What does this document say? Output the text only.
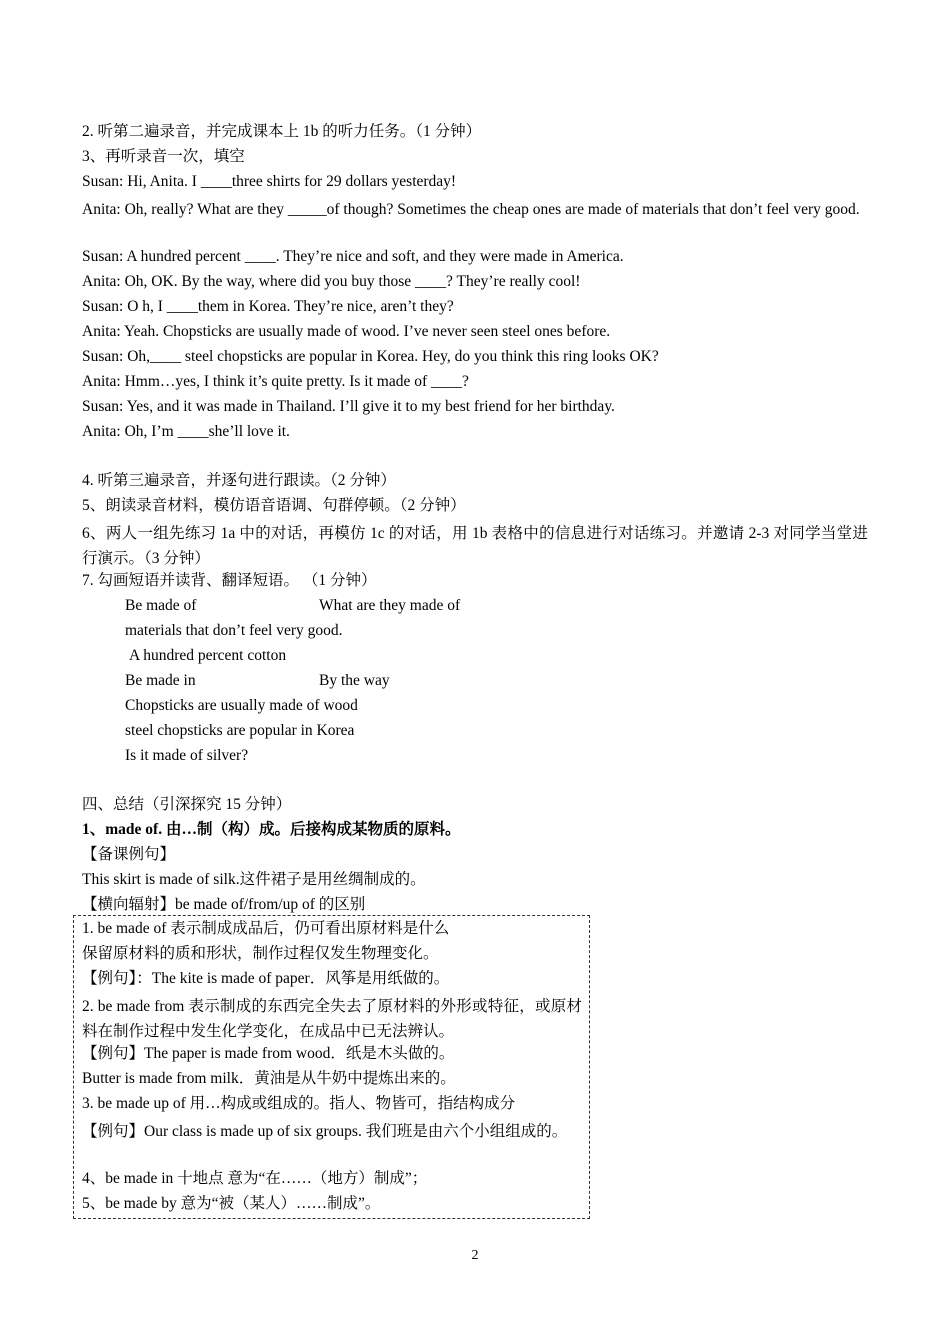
2. 听第二遍录音，并完成课本上 1b 的听力任务。（1 分钟）
3、再听录音一次，填空
Susan: Hi, Anita. I ____three shirts for 29 dollars yesterday!
Anita: Oh, really? What are they _____of though? Sometimes the cheap ones are made of materials that don’t feel very good.
Susan: A hundred percent ____. They’re nice and soft, and they were made in America.
Anita: Oh, OK. By the way, where did you buy those ____? They’re really cool!
Susan: O h, I ____them in Korea. They’re nice, aren’t they?
Anita: Yeah. Chopsticks are usually made of wood. I’ve never seen steel ones before.
Susan: Oh,____ steel chopsticks are popular in Korea. Hey, do you think this ring looks OK?
Anita: Hmm…yes, I think it’s quite pretty. Is it made of ____?
Susan: Yes, and it was made in Thailand. I’ll give it to my best friend for her birthday.
Anita: Oh, I’m ____she’ll love it.
4. 听第三遍录音，并逐句进行跟读。（2 分钟）
5、朗读录音材料，模仿语音语调、句群停顿。（2 分钟）
6、两人一组先练习 1a 中的对话，再模仿 1c 的对话，用 1b 表格中的信息进行对话练习。并邀请 2-3 对同学当堂进行演示。（3 分钟）
7. 勾画短语并读背、翻译短语。 （1 分钟）
Be made of	What are they made of
materials that don’t feel very good.
A hundred percent cotton
Be made in	By the way
Chopsticks are usually made of wood
steel chopsticks are popular in Korea
Is it made of silver?
四、总结（引深探究 15 分钟）
1、made of. 由…制（构）成。后接构成某物质的原料。
【备课例句】
This skirt is made of silk.这件裙子是用丝绸制成的。
【横向辐射】be made of/from/up of 的区别
1. be made of 表示制成成品后，仍可看出原材料是什么
保留原材料的质和形状，制作过程仅发生物理变化。
【例句】：The kite is made of paper．风筝是用纸做的。
2. be made from 表示制成的东西完全失去了原材料的外形或特征，或原材料在制作过程中发生化学变化，在成品中已无法辨认。
【例句】The paper is made from wood．纸是木头做的。
Butter is made from milk．黄油是从牛奶中提炼出来的。
3. be made up of 用…构成或组成的。指人、物皆可，指结构成分
【例句】Our class is made up of six groups. 我们班是由六个小组组成的。
4、be made in 十地点 意为“在……（地方）制成”；
5、be made by 意为“被（某人）……制成”。
2
